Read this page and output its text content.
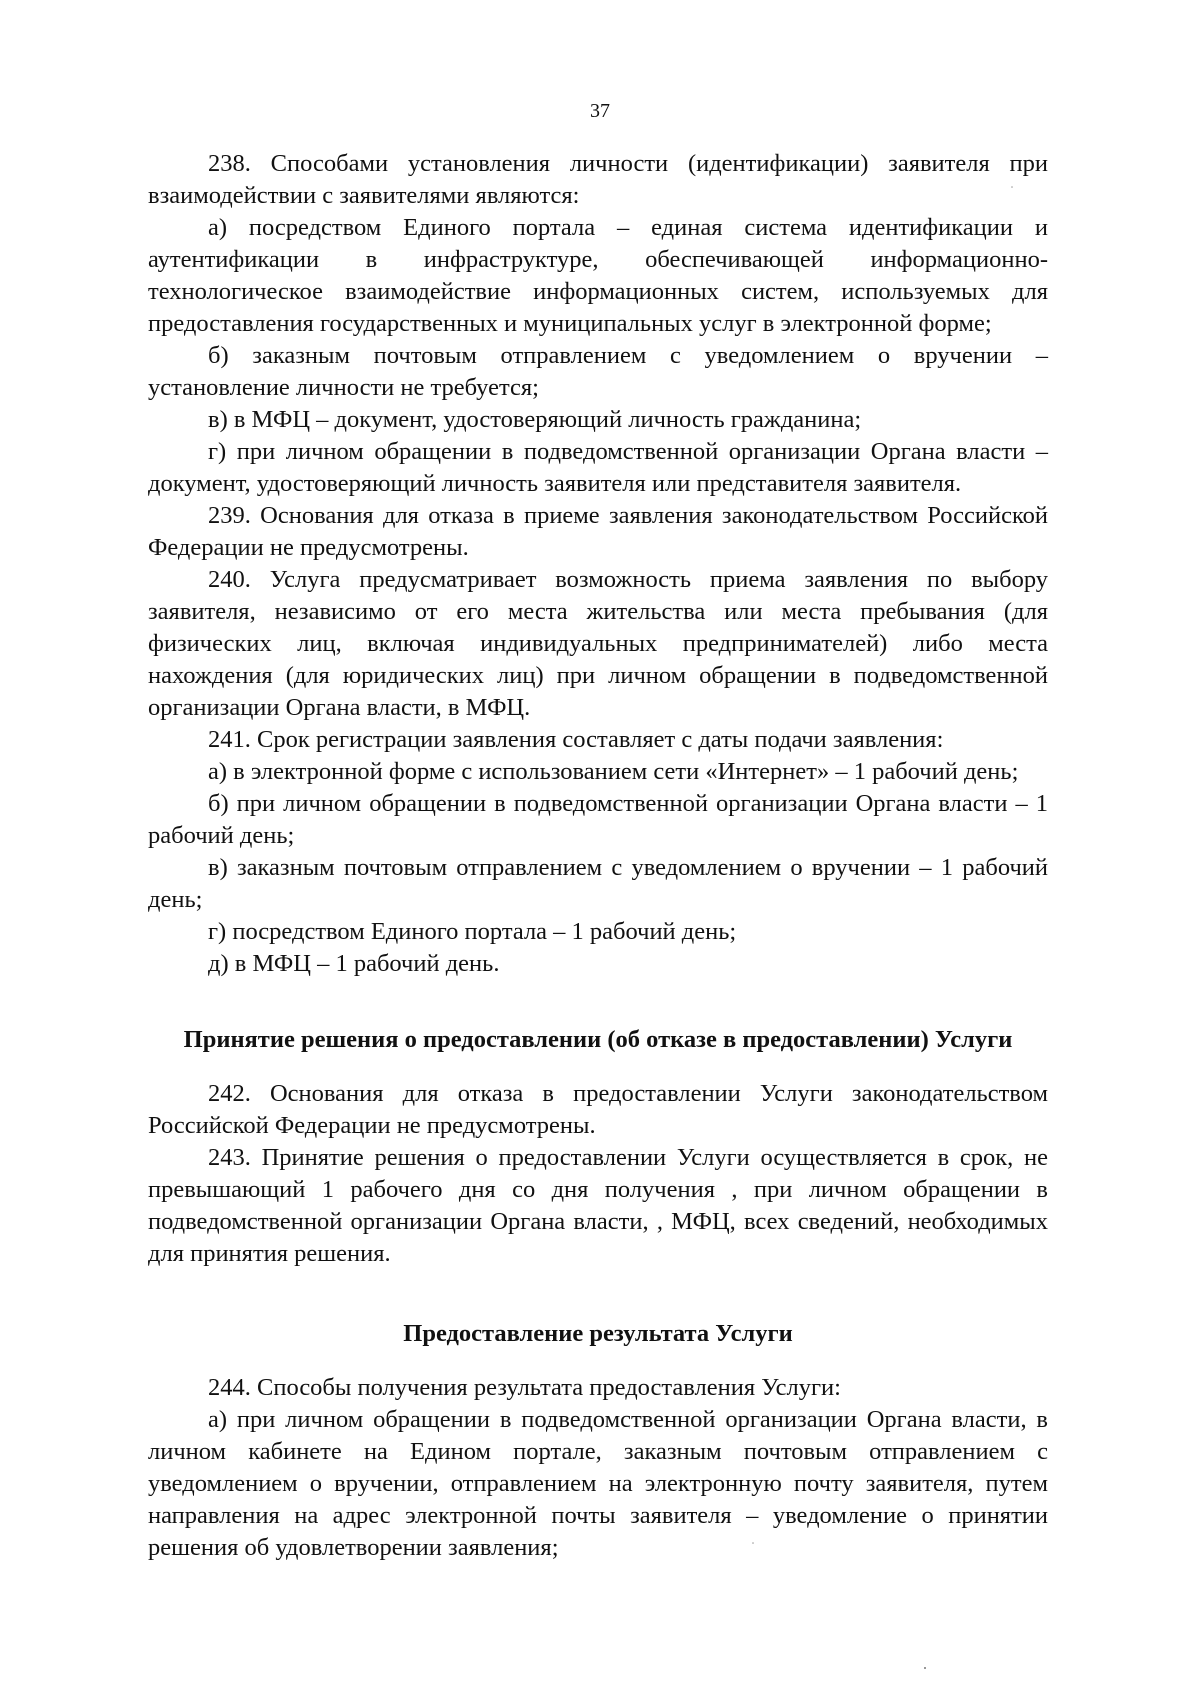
37

238. Способами установления личности (идентификации) заявителя при взаимодействии с заявителями являются:

а) посредством Единого портала – единая система идентификации и аутентификации в инфраструктуре, обеспечивающей информационно-технологическое взаимодействие информационных систем, используемых для предоставления государственных и муниципальных услуг в электронной форме;

б) заказным почтовым отправлением с уведомлением о вручении – установление личности не требуется;

в) в МФЦ – документ, удостоверяющий личность гражданина;

г) при личном обращении в подведомственной организации Органа власти – документ, удостоверяющий личность заявителя или представителя заявителя.

239. Основания для отказа в приеме заявления законодательством Российской Федерации не предусмотрены.

240. Услуга предусматривает возможность приема заявления по выбору заявителя, независимо от его места жительства или места пребывания (для физических лиц, включая индивидуальных предпринимателей) либо места нахождения (для юридических лиц) при личном обращении в подведомственной организации Органа власти, в МФЦ.

241. Срок регистрации заявления составляет с даты подачи заявления:

а) в электронной форме с использованием сети «Интернет» – 1 рабочий день;

б) при личном обращении в подведомственной организации Органа власти – 1 рабочий день;

в) заказным почтовым отправлением с уведомлением о вручении – 1 рабочий день;

г) посредством Единого портала – 1 рабочий день;

д) в МФЦ – 1 рабочий день.

Принятие решения о предоставлении (об отказе в предоставлении) Услуги

242. Основания для отказа в предоставлении Услуги законодательством Российской Федерации не предусмотрены.

243. Принятие решения о предоставлении Услуги осуществляется в срок, не превышающий 1 рабочего дня со дня получения , при личном обращении в подведомственной организации Органа власти, , МФЦ, всех сведений, необходимых для принятия решения.

Предоставление результата Услуги

244. Способы получения результата предоставления Услуги:

а) при личном обращении в подведомственной организации Органа власти, в личном кабинете на Едином портале, заказным почтовым отправлением с уведомлением о вручении, отправлением на электронную почту заявителя, путем направления на адрес электронной почты заявителя – уведомление о принятии решения об удовлетворении заявления;
